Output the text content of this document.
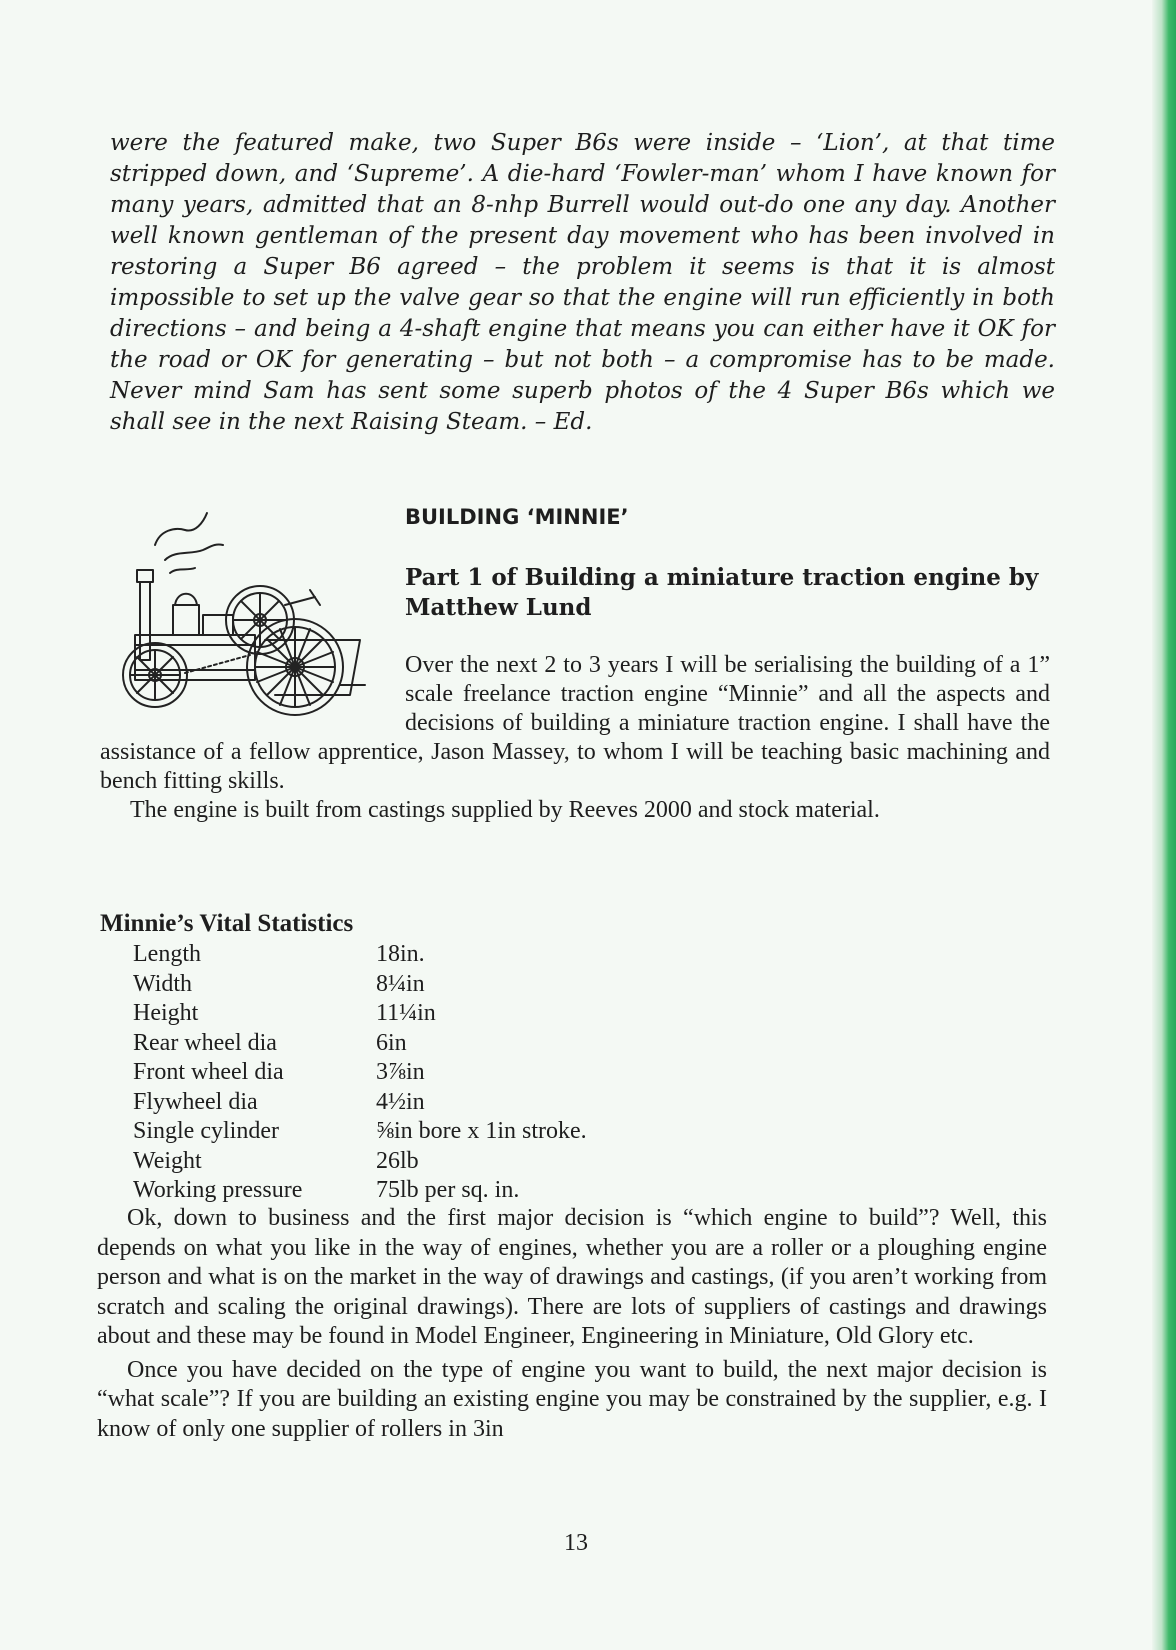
were the featured make, two Super B6s were inside – ‘Lion’, at that time stripped down, and ‘Supreme’. A die-hard ‘Fowler-man’ whom I have known for many years, admitted that an 8-nhp Burrell would out-do one any day. Another well known gentleman of the present day movement who has been involved in restoring a Super B6 agreed – the problem it seems is that it is almost impossible to set up the valve gear so that the engine will run efficiently in both directions – and being a 4-shaft engine that means you can either have it OK for the road or OK for generating – but not both – a compromise has to be made. Never mind Sam has sent some superb photos of the 4 Super B6s which we shall see in the next Raising Steam. – Ed.

BUILDING ‘MINNIE’
Part 1 of Building a miniature traction engine by Matthew Lund

Over the next 2 to 3 years I will be serialising the building of a 1” scale freelance traction engine “Minnie” and all the aspects and decisions of building a miniature traction engine. I shall have the

assistance of a fellow apprentice, Jason Massey, to whom I will be teaching basic machining and bench fitting skills.

The engine is built from castings supplied by Reeves 2000 and stock material.

Minnie’s Vital Statistics
Length	18in.
Width	8¼in
Height	11¼in
Rear wheel dia	6in
Front wheel dia	3⅞in
Flywheel dia	4½in
Single cylinder	⅝in bore x 1in stroke.
Weight	26lb
Working pressure	75lb per sq. in.

Ok, down to business and the first major decision is “which engine to build”? Well, this depends on what you like in the way of engines, whether you are a roller or a ploughing engine person and what is on the market in the way of drawings and castings, (if you aren’t working from scratch and scaling the original drawings). There are lots of suppliers of castings and drawings about and these may be found in Model Engineer, Engineering in Miniature, Old Glory etc.

Once you have decided on the type of engine you want to build, the next major decision is “what scale”? If you are building an existing engine you may be constrained by the supplier, e.g. I know of only one supplier of rollers in 3in

13
